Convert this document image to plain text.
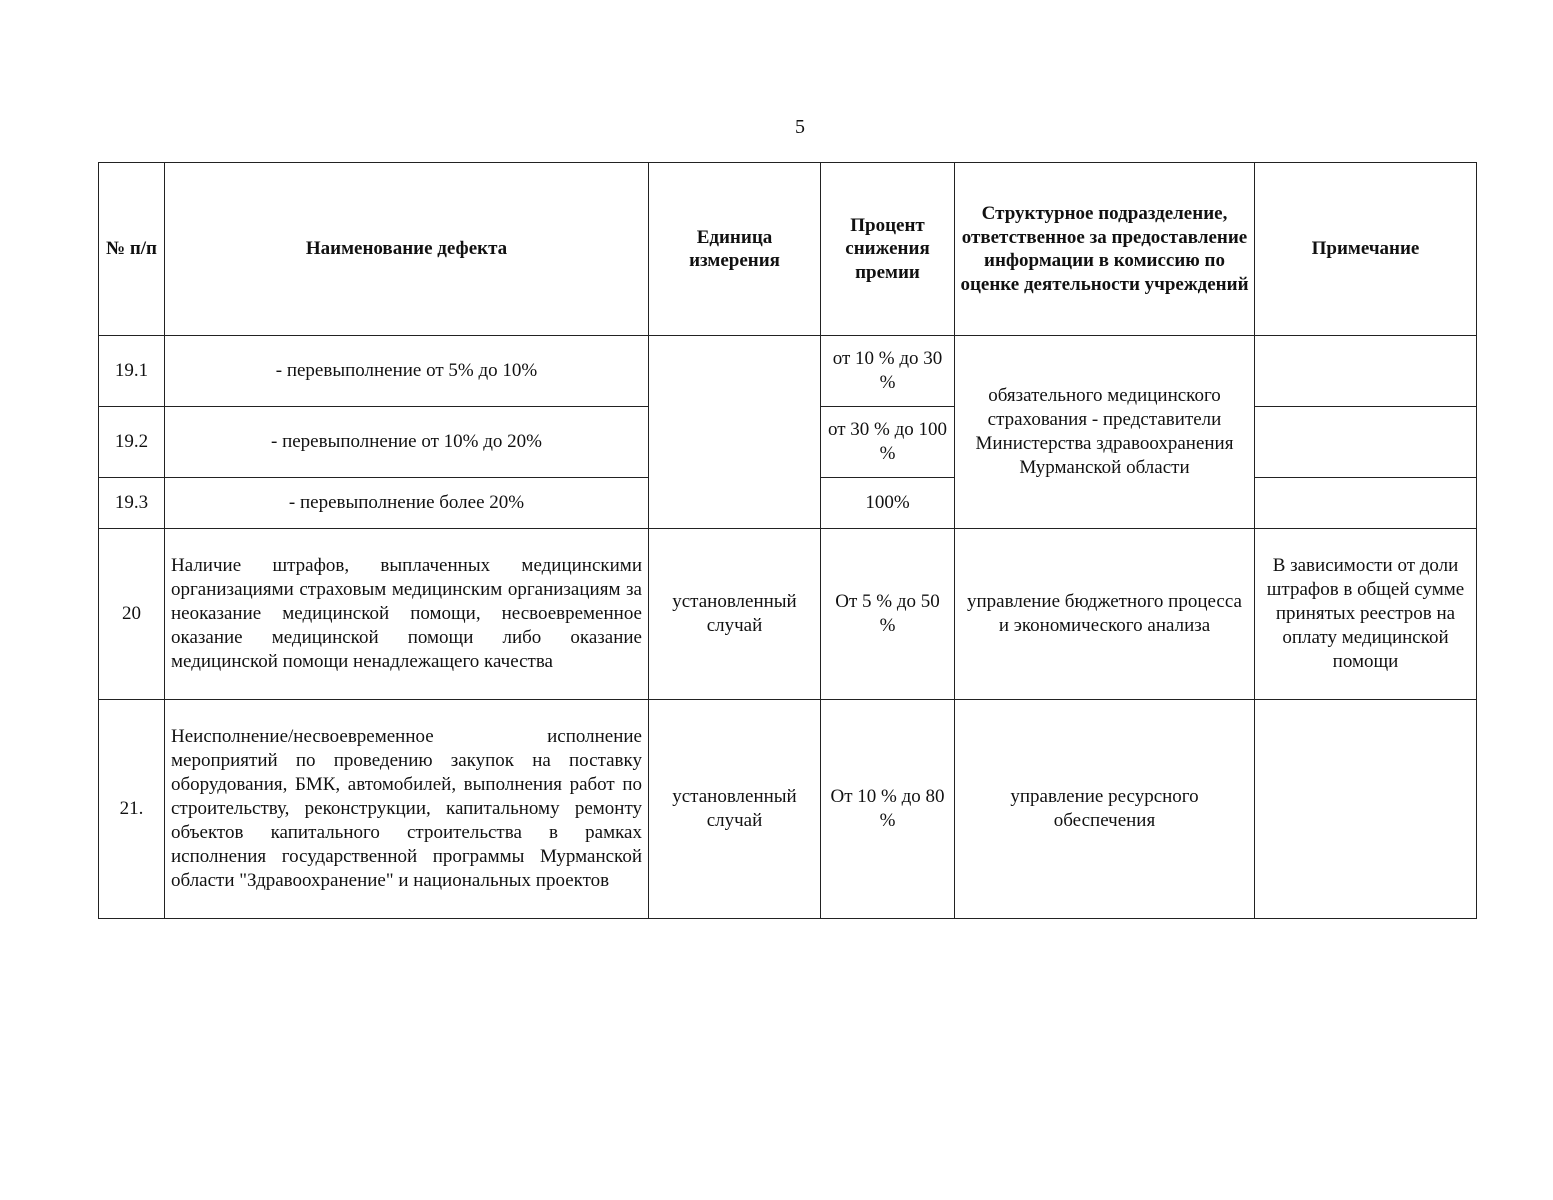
5
№ п/п	Наименование дефекта	Единица измерения	Процент снижения премии	Структурное подразделение, ответственное за предоставление информации в комиссию по оценке деятельности учреждений	Примечание
19.1	- перевыполнение от 5% до 10%		от 10 % до 30 %	обязательного медицинского страхования - представители Министерства здравоохранения Мурманской области	
19.2	- перевыполнение от 10% до 20%		от 30 % до 100 %		
19.3	- перевыполнение более 20%		100%		
20	Наличие штрафов, выплаченных медицинскими организациями страховым медицинским организациям за неоказание медицинской помощи, несвоевременное оказание медицинской помощи либо оказание медицинской помощи ненадлежащего качества	установленный случай	От 5 % до 50 %	управление бюджетного процесса и экономического анализа	В зависимости от доли штрафов в общей сумме принятых реестров на оплату медицинской помощи
21.	Неисполнение/несвоевременное исполнение мероприятий по проведению закупок на поставку оборудования, БМК, автомобилей, выполнения работ по строительству, реконструкции, капитальному ремонту объектов капитального строительства в рамках исполнения государственной программы Мурманской области "Здравоохранение" и национальных проектов	установленный случай	От 10 % до 80 %	управление ресурсного обеспечения	
